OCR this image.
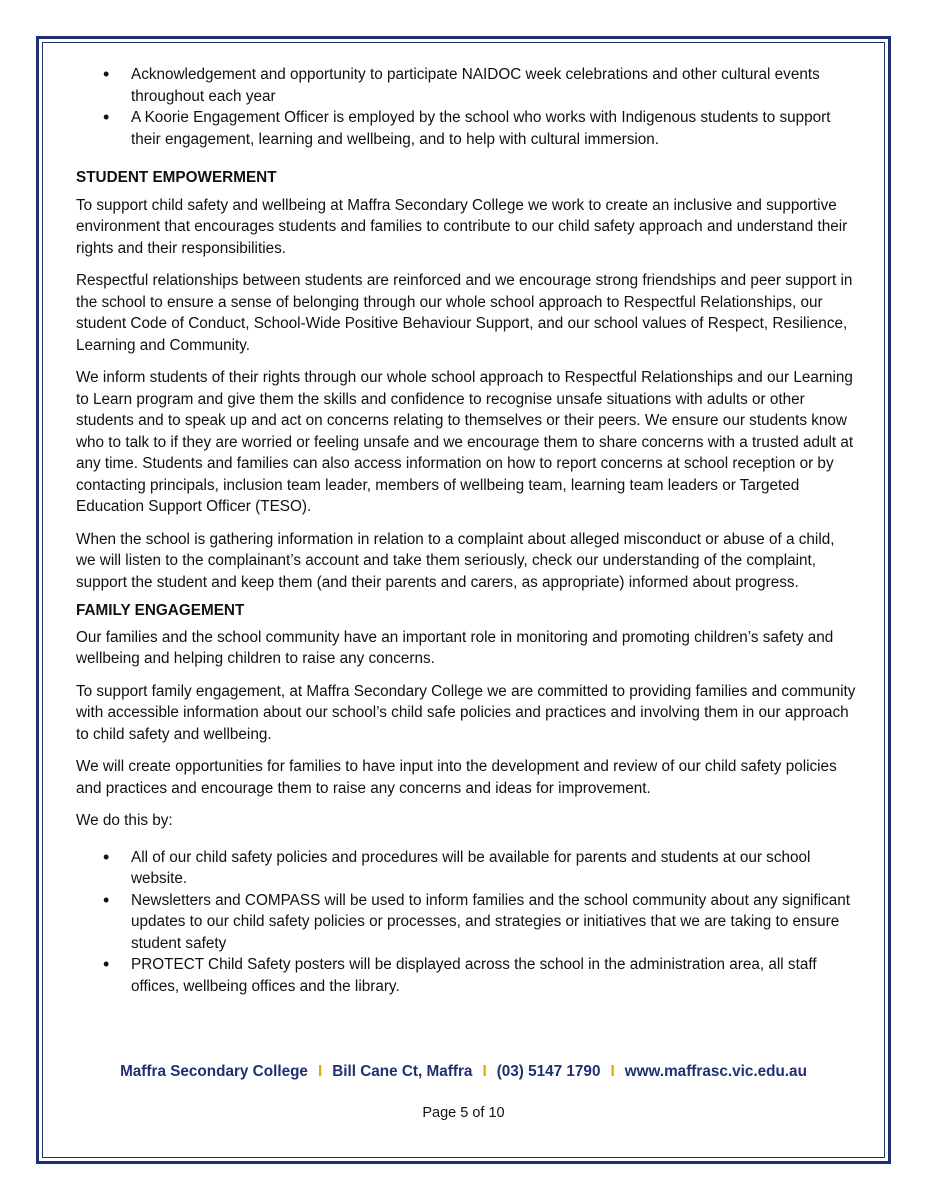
• Acknowledgement and opportunity to participate NAIDOC week celebrations and other cultural events throughout each year
• A Koorie Engagement Officer is employed by the school who works with Indigenous students to support their engagement, learning and wellbeing, and to help with cultural immersion.

STUDENT EMPOWERMENT

To support child safety and wellbeing at Maffra Secondary College we work to create an inclusive and supportive environment that encourages students and families to contribute to our child safety approach and understand their rights and their responsibilities.

Respectful relationships between students are reinforced and we encourage strong friendships and peer support in the school to ensure a sense of belonging through our whole school approach to Respectful Relationships, our student Code of Conduct, School-Wide Positive Behaviour Support, and our school values of Respect, Resilience, Learning and Community.

We inform students of their rights through our whole school approach to Respectful Relationships and our Learning to Learn program and give them the skills and confidence to recognise unsafe situations with adults or other students and to speak up and act on concerns relating to themselves or their peers. We ensure our students know who to talk to if they are worried or feeling unsafe and we encourage them to share concerns with a trusted adult at any time. Students and families can also access information on how to report concerns at school reception or by contacting principals, inclusion team leader, members of wellbeing team, learning team leaders or Targeted Education Support Officer (TESO).

When the school is gathering information in relation to a complaint about alleged misconduct or abuse of a child, we will listen to the complainant’s account and take them seriously, check our understanding of the complaint, support the student and keep them (and their parents and carers, as appropriate) informed about progress.

FAMILY ENGAGEMENT

Our families and the school community have an important role in monitoring and promoting children’s safety and wellbeing and helping children to raise any concerns.

To support family engagement, at Maffra Secondary College we are committed to providing families and community with accessible information about our school’s child safe policies and practices and involving them in our approach to child safety and wellbeing.

We will create opportunities for families to have input into the development and review of our child safety policies and practices and encourage them to raise any concerns and ideas for improvement.

We do this by:

• All of our child safety policies and procedures will be available for parents and students at our school website.
• Newsletters and COMPASS will be used to inform families and the school community about any significant updates to our child safety policies or processes, and strategies or initiatives that we are taking to ensure student safety
• PROTECT Child Safety posters will be displayed across the school in the administration area, all staff offices, wellbeing offices and the library.
Maffra Secondary College I Bill Cane Ct, Maffra I (03) 5147 1790 I www.maffrasc.vic.edu.au
Page 5 of 10
